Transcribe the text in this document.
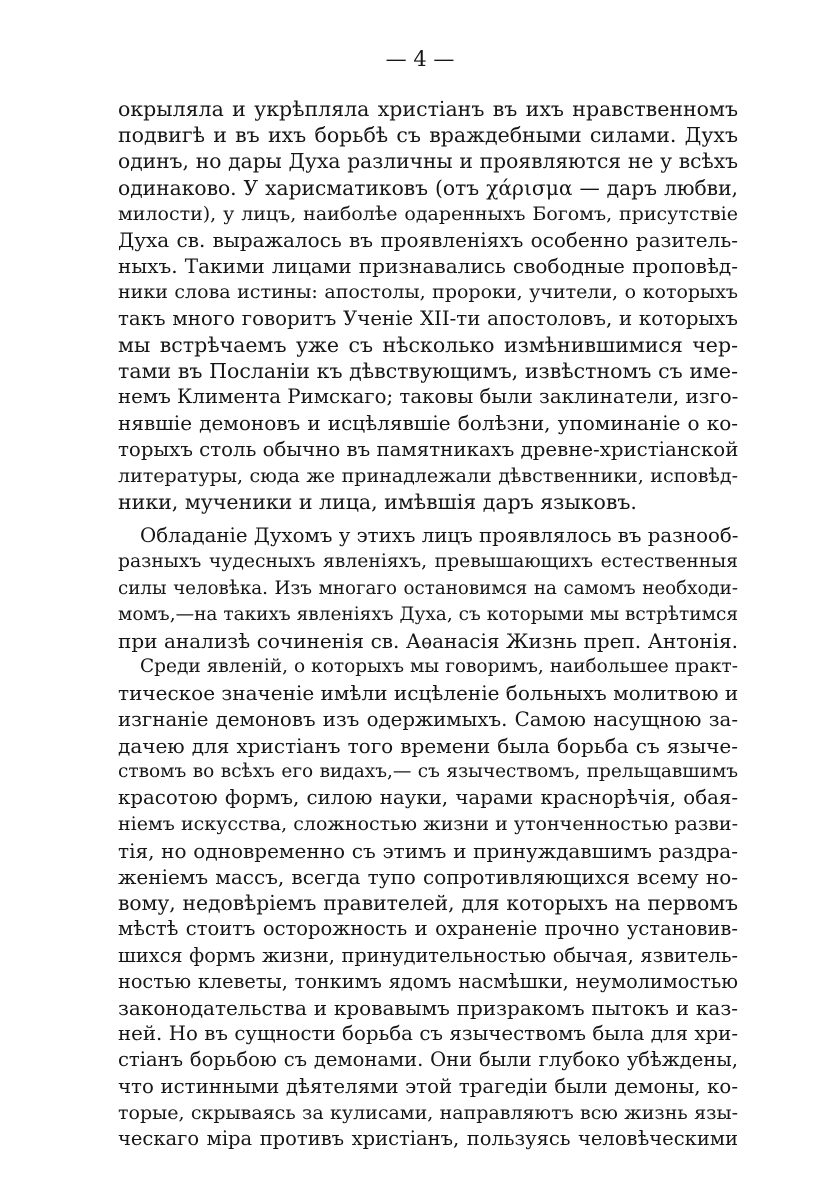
— 4 —
окрыляла и укрѣпляла христіанъ въ ихъ нравственномъ
подвигѣ и въ ихъ борьбѣ съ враждебными силами. Духъ
одинъ, но дары Духа различны и проявляются не у всѣхъ
одинаково. У харисматиковъ (отъ χάρισμα — даръ любви,
милости), у лицъ, наиболѣе одаренныхъ Богомъ, присутствіе
Духа св. выражалось въ проявленіяхъ особенно разитель-
ныхъ. Такими лицами признавались свободные проповѣд-
ники слова истины: апостолы, пророки, учители, о которыхъ
такъ много говоритъ Ученіе XII-ти апостоловъ, и которыхъ
мы встрѣчаемъ уже съ нѣсколько измѣнившимися чер-
тами въ Посланіи къ дѣвствующимъ, извѣстномъ съ име-
немъ Климента Римскаго; таковы были заклинатели, изго-
нявшіе демоновъ и исцѣлявшіе болѣзни, упоминаніе о ко-
торыхъ столь обычно въ памятникахъ древне-христіанской
литературы, сюда же принадлежали дѣвственники, исповѣд-
ники, мученики и лица, имѣвшія даръ языковъ.
Обладаніе Духомъ у этихъ лицъ проявлялось въ разнооб-
разныхъ чудесныхъ явленіяхъ, превышающихъ естественныя
силы человѣка. Изъ многаго остановимся на самомъ необходи-
момъ,—на такихъ явленіяхъ Духа, съ которыми мы встрѣтимся
при анализѣ сочиненія св. Аѳанасія Жизнь преп. Антонія.
Среди явленій, о которыхъ мы говоримъ, наибольшее практ-
тическое значеніе имѣли исцѣленіе больныхъ молитвою и
изгнаніе демоновъ изъ одержимыхъ. Самою насущною за-
дачею для христіанъ того времени была борьба съ языче-
ствомъ во всѣхъ его видахъ,— съ язычествомъ, прельщавшимъ
красотою формъ, силою науки, чарами краснорѣчія, обая-
ніемъ искусства, сложностью жизни и утонченностью разви-
тія, но одновременно съ этимъ и принуждавшимъ раздра-
женіемъ массъ, всегда тупо сопротивляющихся всему но-
вому, недовѣріемъ правителей, для которыхъ на первомъ
мѣстѣ стоитъ осторожность и охраненіе прочно установив-
шихся формъ жизни, принудительностью обычая, язвитель-
ностью клеветы, тонкимъ ядомъ насмѣшки, неумолимостью
законодательства и кровавымъ призракомъ пытокъ и каз-
ней. Но въ сущности борьба съ язычествомъ была для хри-
стіанъ борьбою съ демонами. Они были глубоко убѣждены,
что истинными дѣятелями этой трагедіи были демоны, ко-
торые, скрываясь за кулисами, направляютъ всю жизнь язы-
ческаго міра противъ христіанъ, пользуясь человѣческими
